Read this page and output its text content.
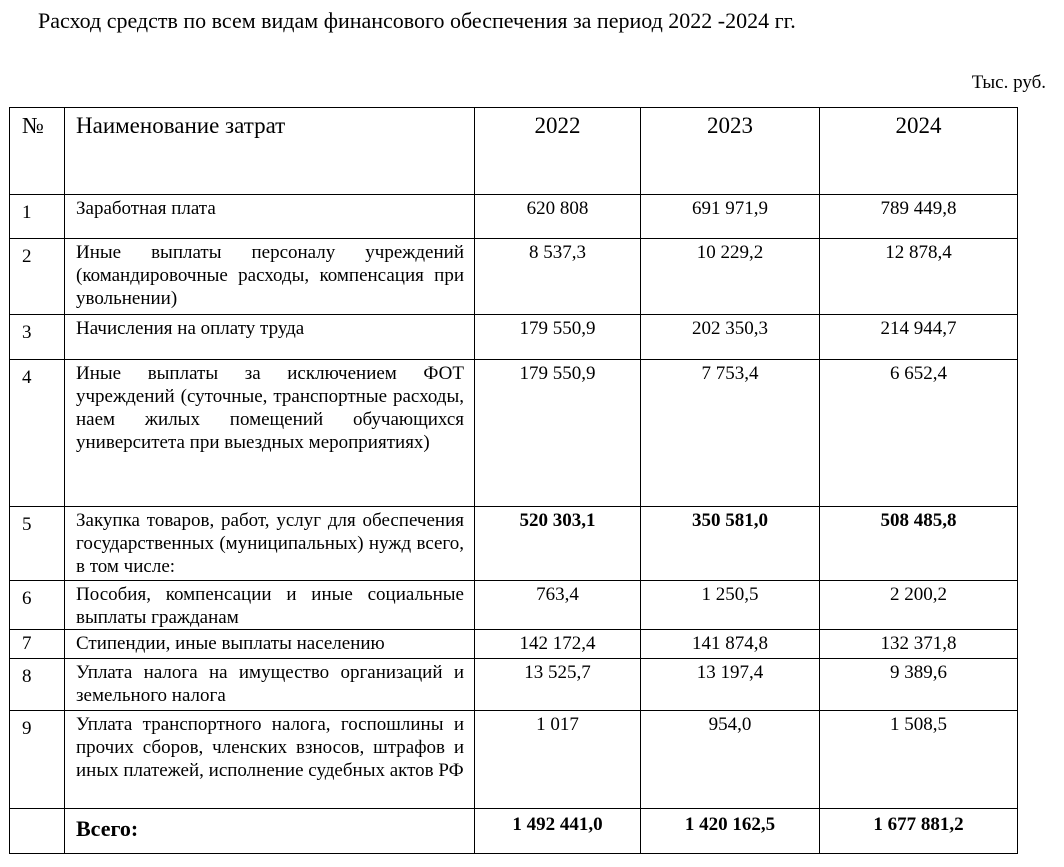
Расход средств по всем видам финансового обеспечения за период 2022 -2024 гг.
Тыс. руб.
№	Наименование затрат	2022	2023	2024
1	Заработная плата	620 808	691 971,9	789 449,8
2	Иные выплаты персоналу учреждений (командировочные расходы, компенсация при увольнении)	8 537,3	10 229,2	12 878,4
3	Начисления на оплату труда	179 550,9	202 350,3	214 944,7
4	Иные выплаты за исключением ФОТ учреждений (суточные, транспортные расходы, наем жилых помещений обучающихся университета при выездных мероприятиях)	179 550,9	7 753,4	6 652,4
5	Закупка товаров, работ, услуг для обеспечения государственных (муниципальных) нужд всего, в том числе:	520 303,1	350 581,0	508 485,8
6	Пособия, компенсации и иные социальные выплаты гражданам	763,4	1 250,5	2 200,2
7	Стипендии, иные выплаты населению	142 172,4	141 874,8	132 371,8
8	Уплата налога на имущество организаций и земельного налога	13 525,7	13 197,4	9 389,6
9	Уплата транспортного налога, госпошлины и прочих сборов, членских взносов, штрафов и иных платежей, исполнение судебных актов РФ	1 017	954,0	1 508,5
	Всего:	1 492 441,0	1 420 162,5	1 677 881,2
